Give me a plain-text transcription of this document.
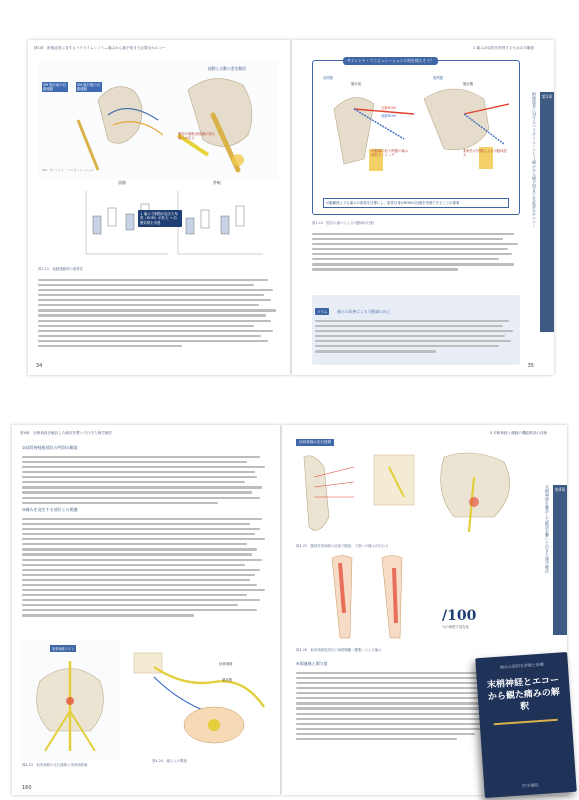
第1章　術後患者に対するバラダイムシフト―痛みから痛予知まで必要なかエコー
他動と自動の差を解消
SM 施行前の自動運動
SM 施行後の自動運動
腰部の痛軟部組織が誘る痛みが出る
SM：サイレント・マニピュレーション
屈曲	外転
↓ 痛みで制限が起きた角度（ROM）が拡大 → 治療効果を実感
図1-11　他動運動時の重要性
34
2 痛みの原因を判別するための手順術
第1章
術後患者に対するパラダイムシフト―痛みから痛予知までを必要なかエコー
サイレント・マニピュレーションに何を使えそう？
肩関節	股関節
施行前	施行後
自動ROM
他動ROM
可動域の低下関節の痛み部位ストレッチ
柔軟性の回復による可動域拡大
可動範囲よりも痛みの改善を目標にし、患者自身がROMの回復を実感できることが重要
図1-12　肢位の違いによる可動域の比較
コラム	痛みの改善による可動域の向上
35
第4章　末梢神経を触診した細部を繋いで行きた理学療法
②仙骨神経根部位の判別の解説
③痛みを発生する部位との関連
坐骨神経テスト
仙骨神経
梨状筋
図4-23　仙骨神経の走行経路と坐骨神経痛
図4-24　痛みとの関連
160
3 末梢神経と運動の機能障害の評価
第4章
末梢神経を触診した細部を繋いで行きた理学療法
仙骨神経の走行経路
図4-25　腰部坐骨神経の絞扼で殿部，下肢への痛みが伝わる
/100
％の頻度で局在化
図4-26　仙骨神経根部位の神経鞘腫（嚢胞）による痛み
④関連痛と関与度	痛みの原因を評価と治療
末梢神経とエコーから観た痛みの解釈
医学書院
